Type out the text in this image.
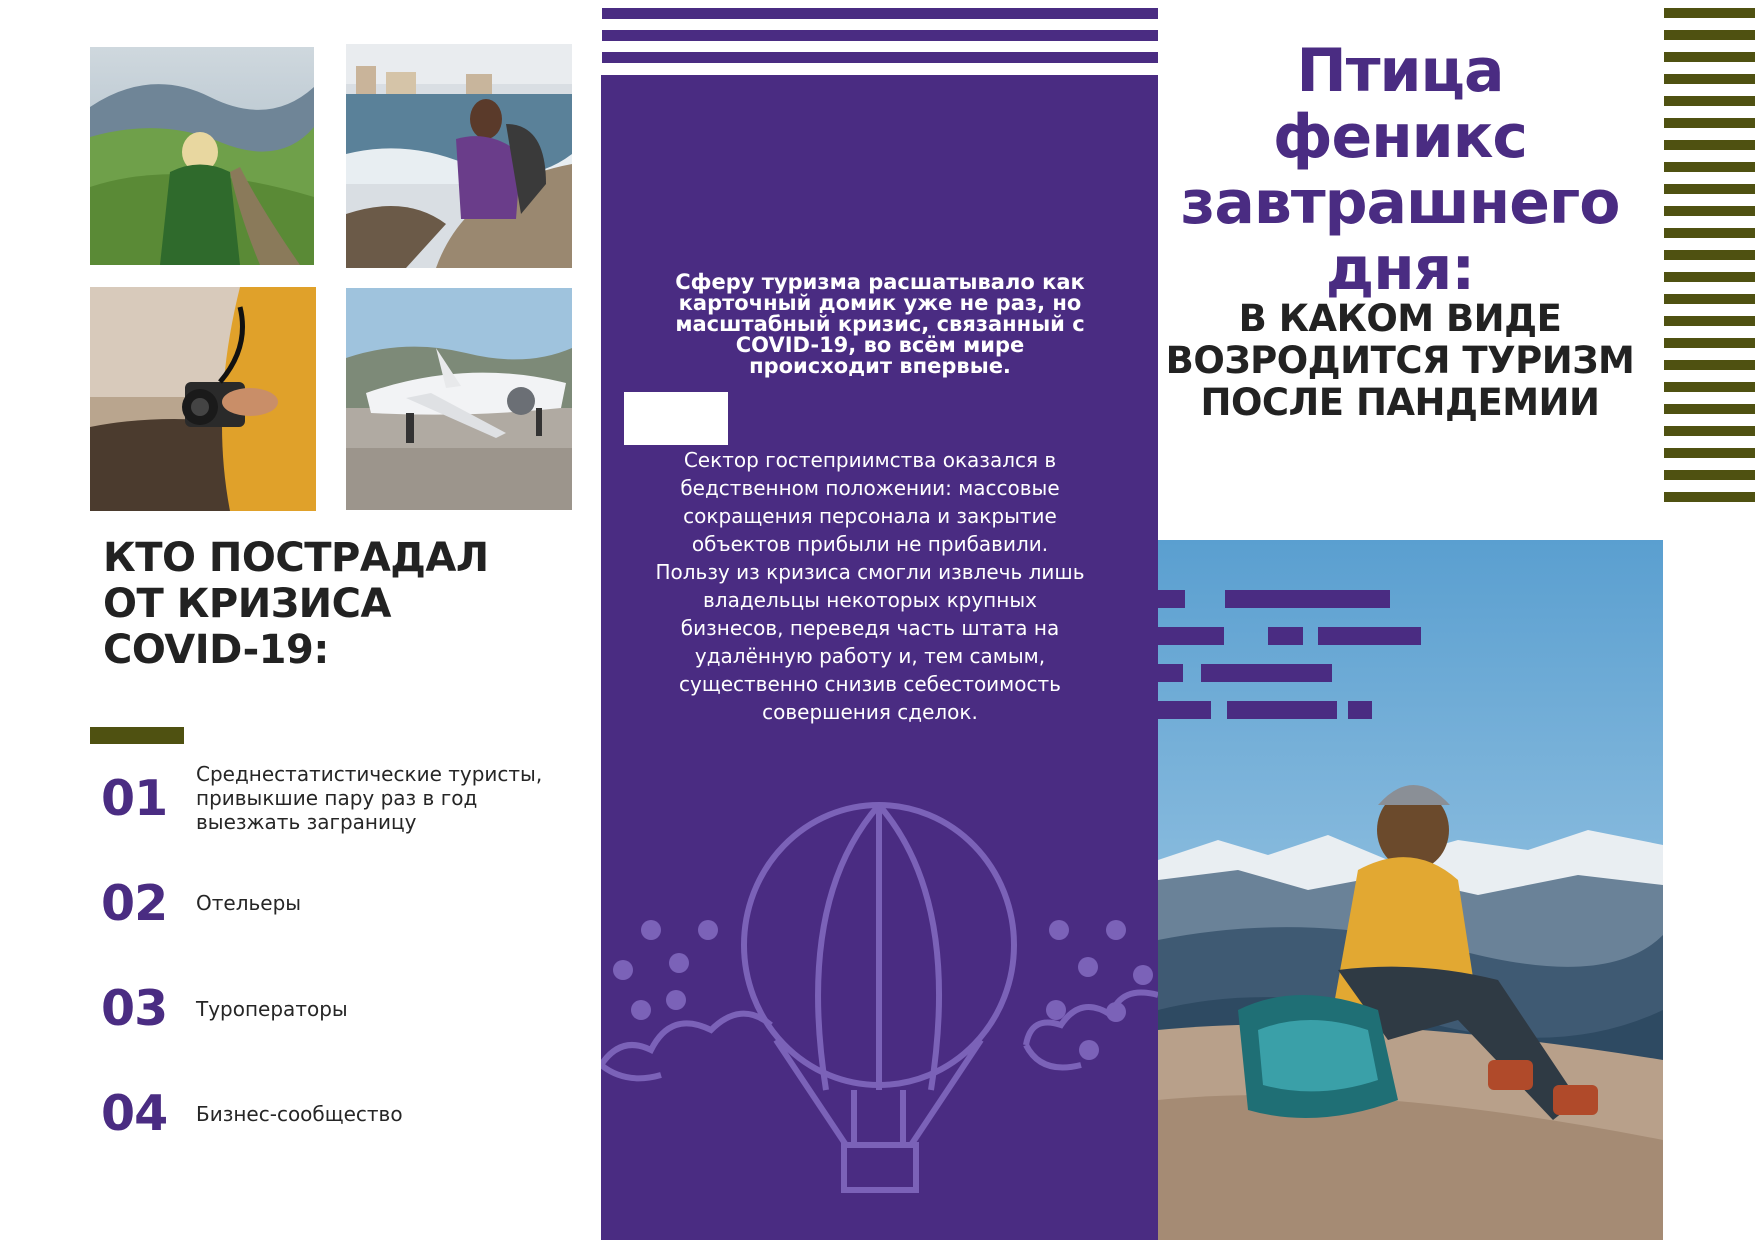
КТО ПОСТРАДАЛ
ОТ КРИЗИСА
COVID-19:
01	Среднестатистические туристы,
привыкшие пару раз в год
выезжать заграницу
02	Отельеры
03	Туроператоры
04	Бизнес-сообщество
Сферу туризма расшатывало как
карточный домик уже не раз, но
масштабный кризис, связанный с
COVID-19, во всём мире
происходит впервые.
Сектор гостеприимства оказался в
бедственном положении: массовые
сокращения персонала и закрытие
объектов прибыли не прибавили.
Пользу из кризиса смогли извлечь лишь
владельцы некоторых крупных
бизнесов, переведя часть штата на
удалённую работу и, тем самым,
существенно снизив себестоимость
совершения сделок.
Птица
феникс
завтрашнего
дня:
В КАКОМ ВИДЕ
ВОЗРОДИТСЯ ТУРИЗМ
ПОСЛЕ ПАНДЕМИИ
